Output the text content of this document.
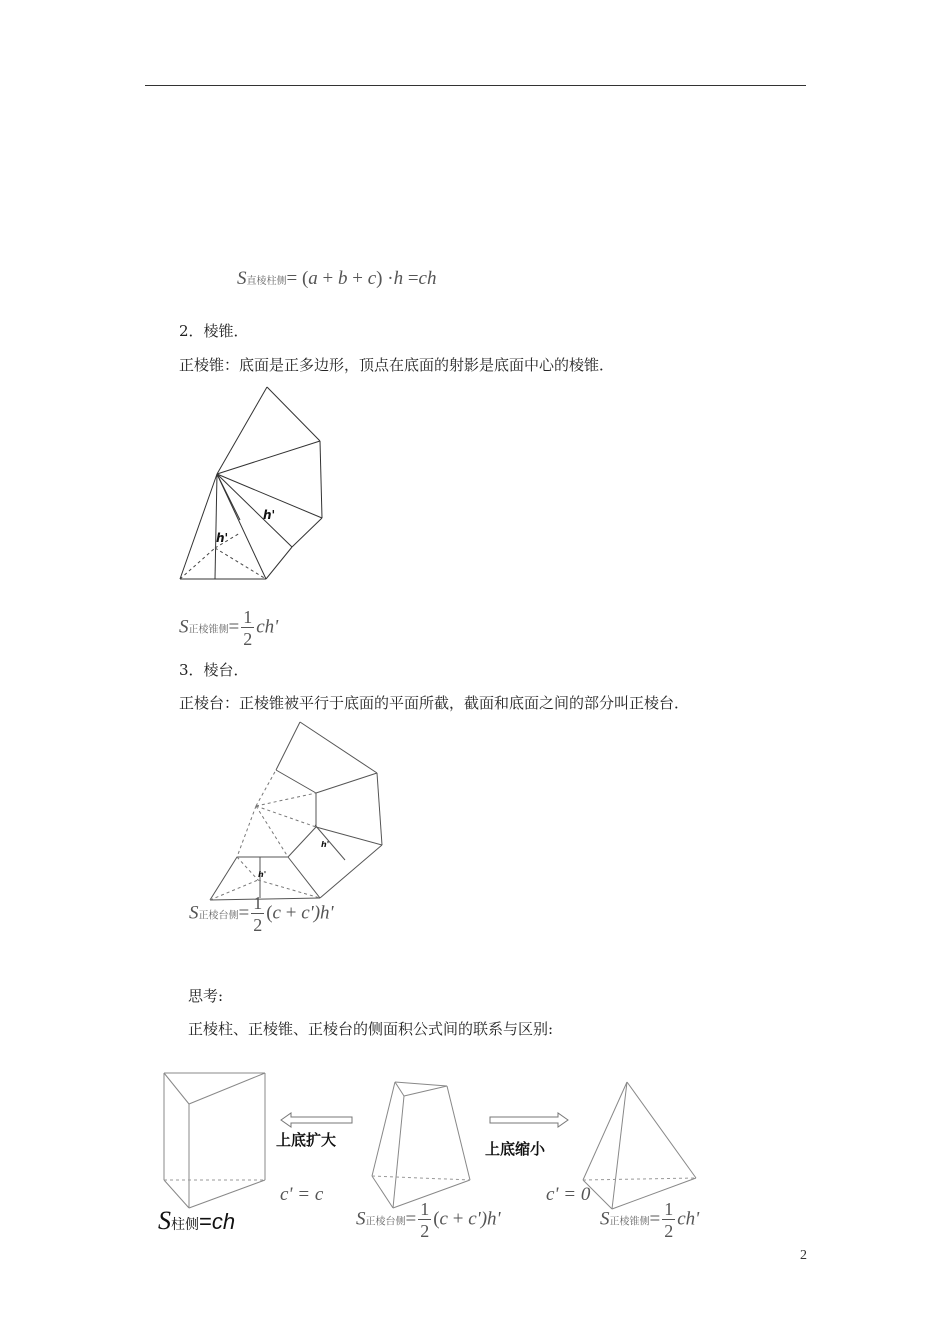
S直棱柱侧= (a + b + c) ·h =ch
2．棱锥．
正棱锥：底面是正多边形，顶点在底面的射影是底面中心的棱锥．
h'
h'
S正棱锥侧= $\frac{1}{2} ch'$
3．棱台．
正棱台：正棱锥被平行于底面的平面所截，截面和底面之间的部分叫正棱台．
h'
h'
S正棱台侧= $\frac{1}{2} (c + c')h'$
思考:
正棱柱、正棱锥、正棱台的侧面积公式间的联系与区别:
上底扩大	上底缩小
c' = c	c' = 0
S柱侧=ch	S正棱台侧= $\frac{1}{2} (c + c')h'$	S正棱锥侧= $\frac{1}{2} ch'$
2
